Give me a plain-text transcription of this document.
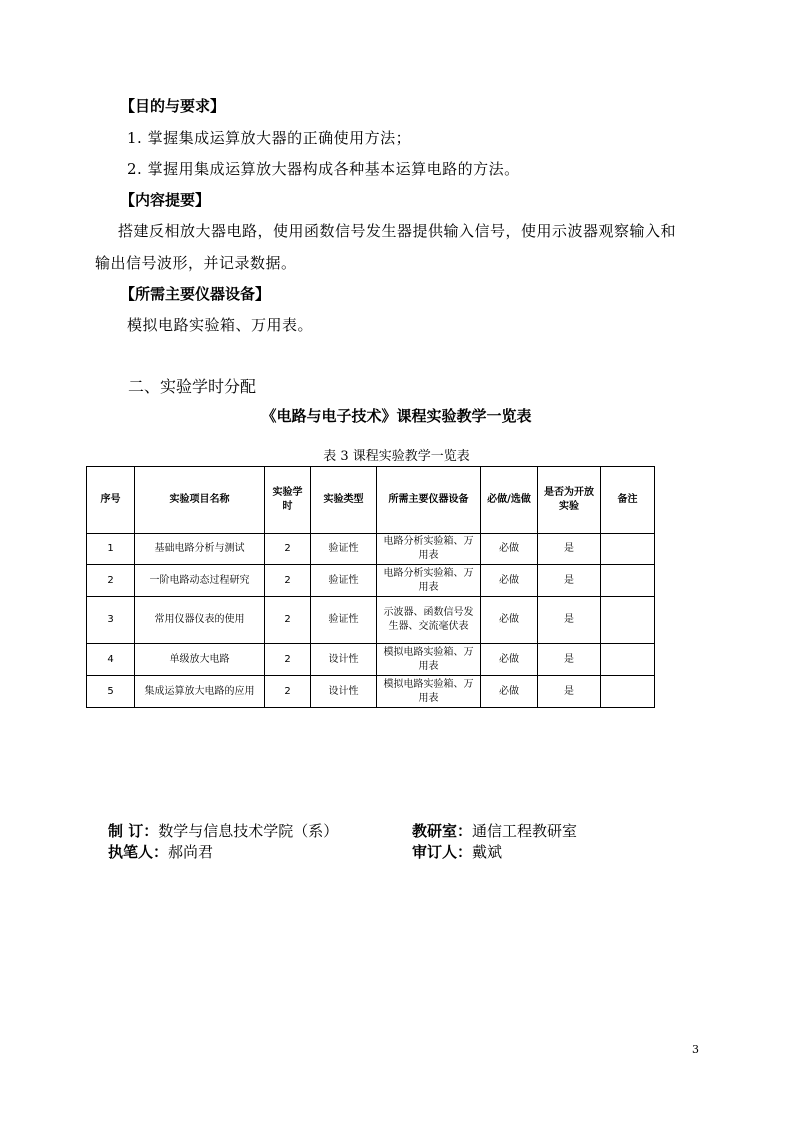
【目的与要求】
1. 掌握集成运算放大器的正确使用方法；
2. 掌握用集成运算放大器构成各种基本运算电路的方法。
【内容提要】
搭建反相放大器电路，使用函数信号发生器提供输入信号，使用示波器观察输入和
输出信号波形，并记录数据。
【所需主要仪器设备】
模拟电路实验箱、万用表。
二、实验学时分配
《电路与电子技术》课程实验教学一览表
表 3 课程实验教学一览表
序号	实验项目名称	实验学时	实验类型	所需主要仪器设备	必做/选做	是否为开放实验	备注
1	基础电路分析与测试	2	验证性	电路分析实验箱、万用表	必做	是	
2	一阶电路动态过程研究	2	验证性	电路分析实验箱、万用表	必做	是	
3	常用仪器仪表的使用	2	验证性	示波器、函数信号发生器、交流毫伏表	必做	是	
4	单级放大电路	2	设计性	模拟电路实验箱、万用表	必做	是	
5	集成运算放大电路的应用	2	设计性	模拟电路实验箱、万用表	必做	是	
制 订：数学与信息技术学院（系）	教研室：通信工程教研室
执笔人：郝尚君	审订人：戴斌
3
